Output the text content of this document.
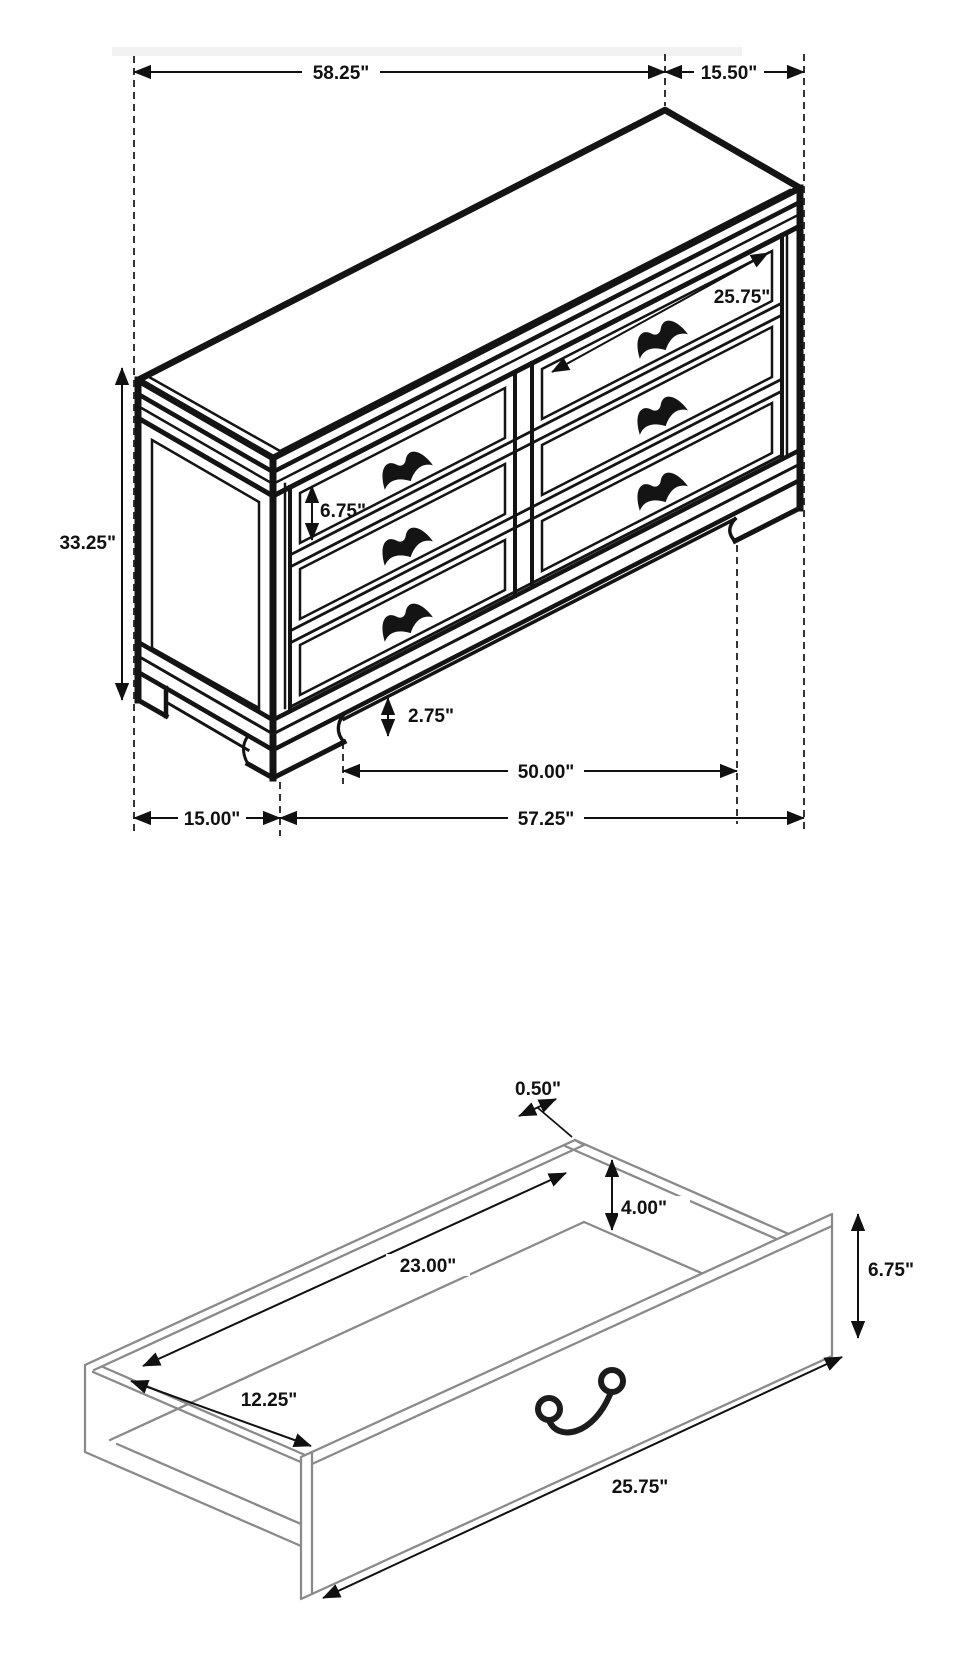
58.25"	15.50"
33.25"
25.75"
6.75"
2.75"
50.00"
15.00"	57.25"
0.50"
4.00"
23.00"
12.25"
6.75"
25.75"
